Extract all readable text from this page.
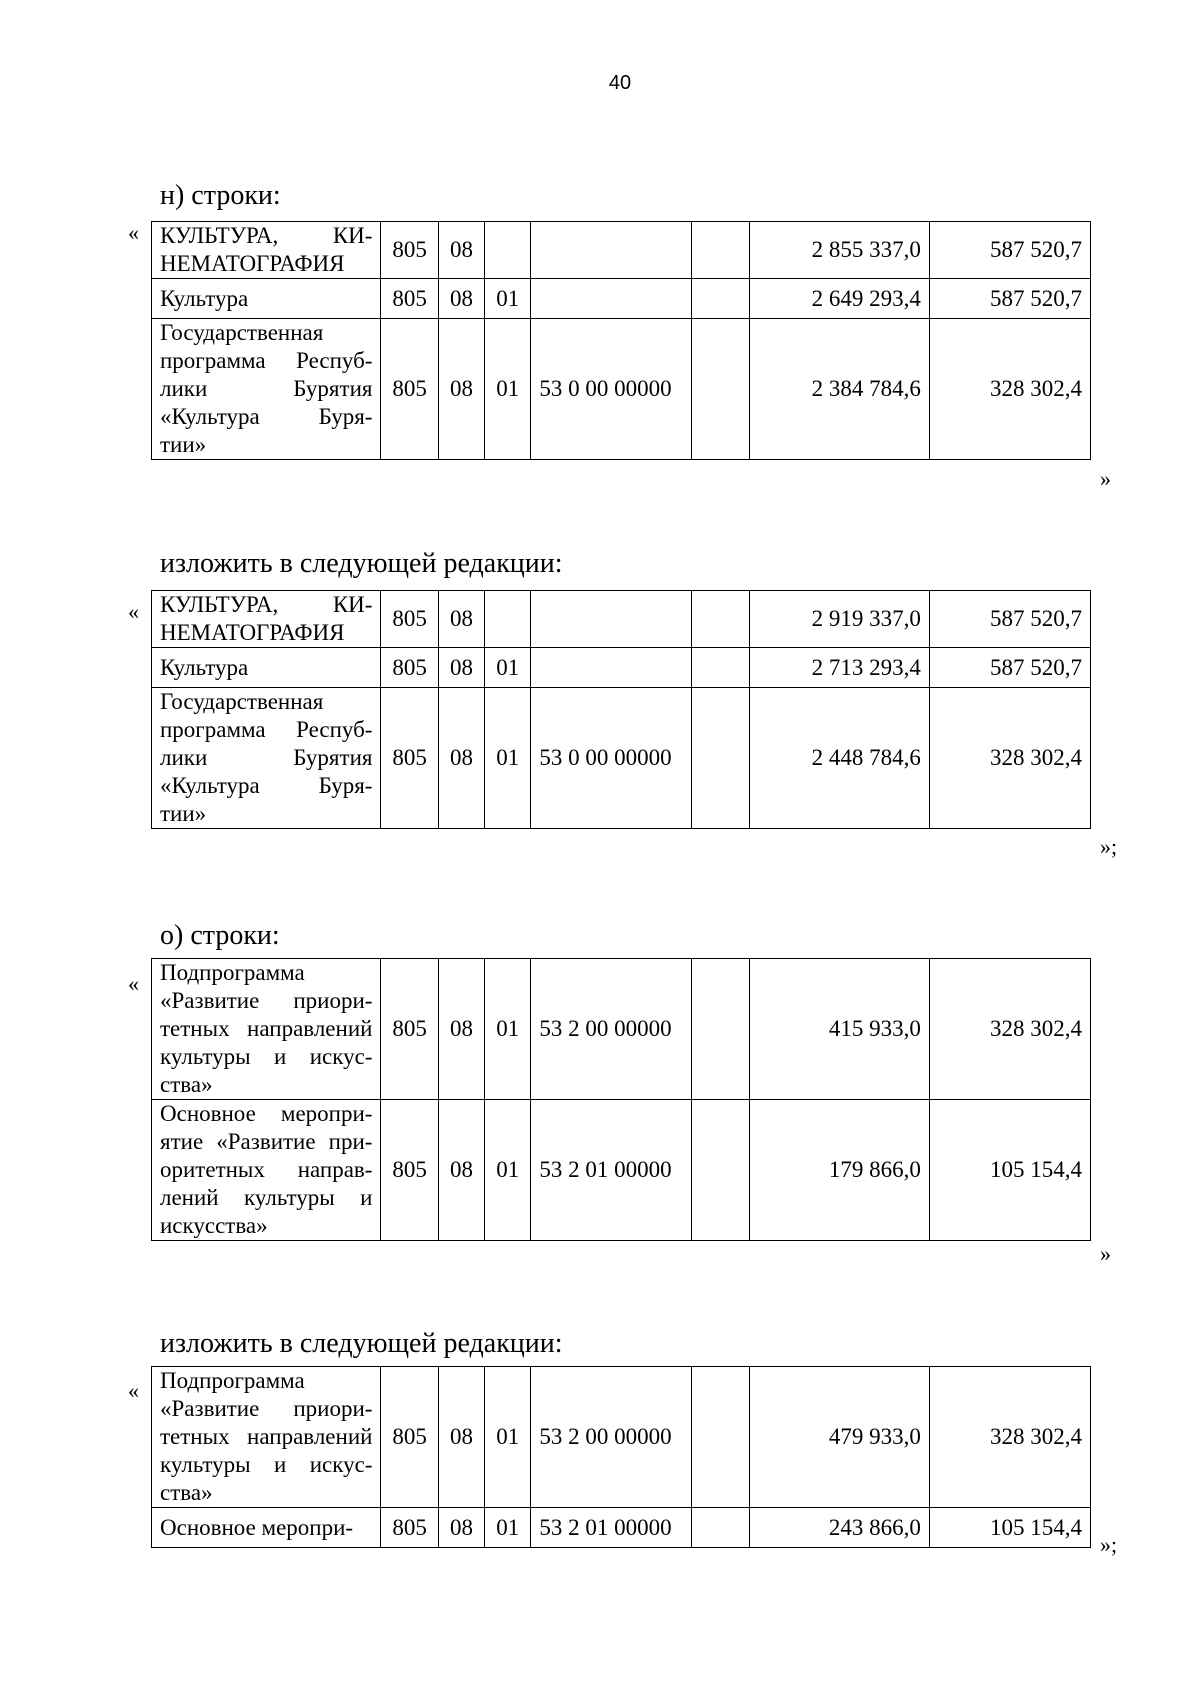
40
н) строки:
« КУЛЬТУРА, КИ-
НЕМАТОГРАФИЯ	805	08				2 855 337,0	587 520,7

Культура	805	08	01			2 649 293,4	587 520,7

Государственная
программа Респуб-
лики Бурятия
«Культура Буря-
тии»	805	08	01	53 0 00 00000		2 384 784,6	328 302,4
»
изложить в следующей редакции:
« КУЛЬТУРА, КИ-
НЕМАТОГРАФИЯ	805	08				2 919 337,0	587 520,7

Культура	805	08	01			2 713 293,4	587 520,7

Государственная
программа Респуб-
лики Бурятия
«Культура Буря-
тии»	805	08	01	53 0 00 00000		2 448 784,6	328 302,4
»;
о) строки:
« Подпрограмма
«Развитие приори-
тетных направлений
культуры и искус-
ства»	805	08	01	53 2 00 00000		415 933,0	328 302,4

Основное меропри-
ятие «Развитие при-
оритетных направ-
лений культуры и
искусства»	805	08	01	53 2 01 00000		179 866,0	105 154,4
»
изложить в следующей редакции:
« Подпрограмма
«Развитие приори-
тетных направлений
культуры и искус-
ства»	805	08	01	53 2 00 00000		479 933,0	328 302,4

Основное меропри-	805	08	01	53 2 01 00000		243 866,0	105 154,4
»;
